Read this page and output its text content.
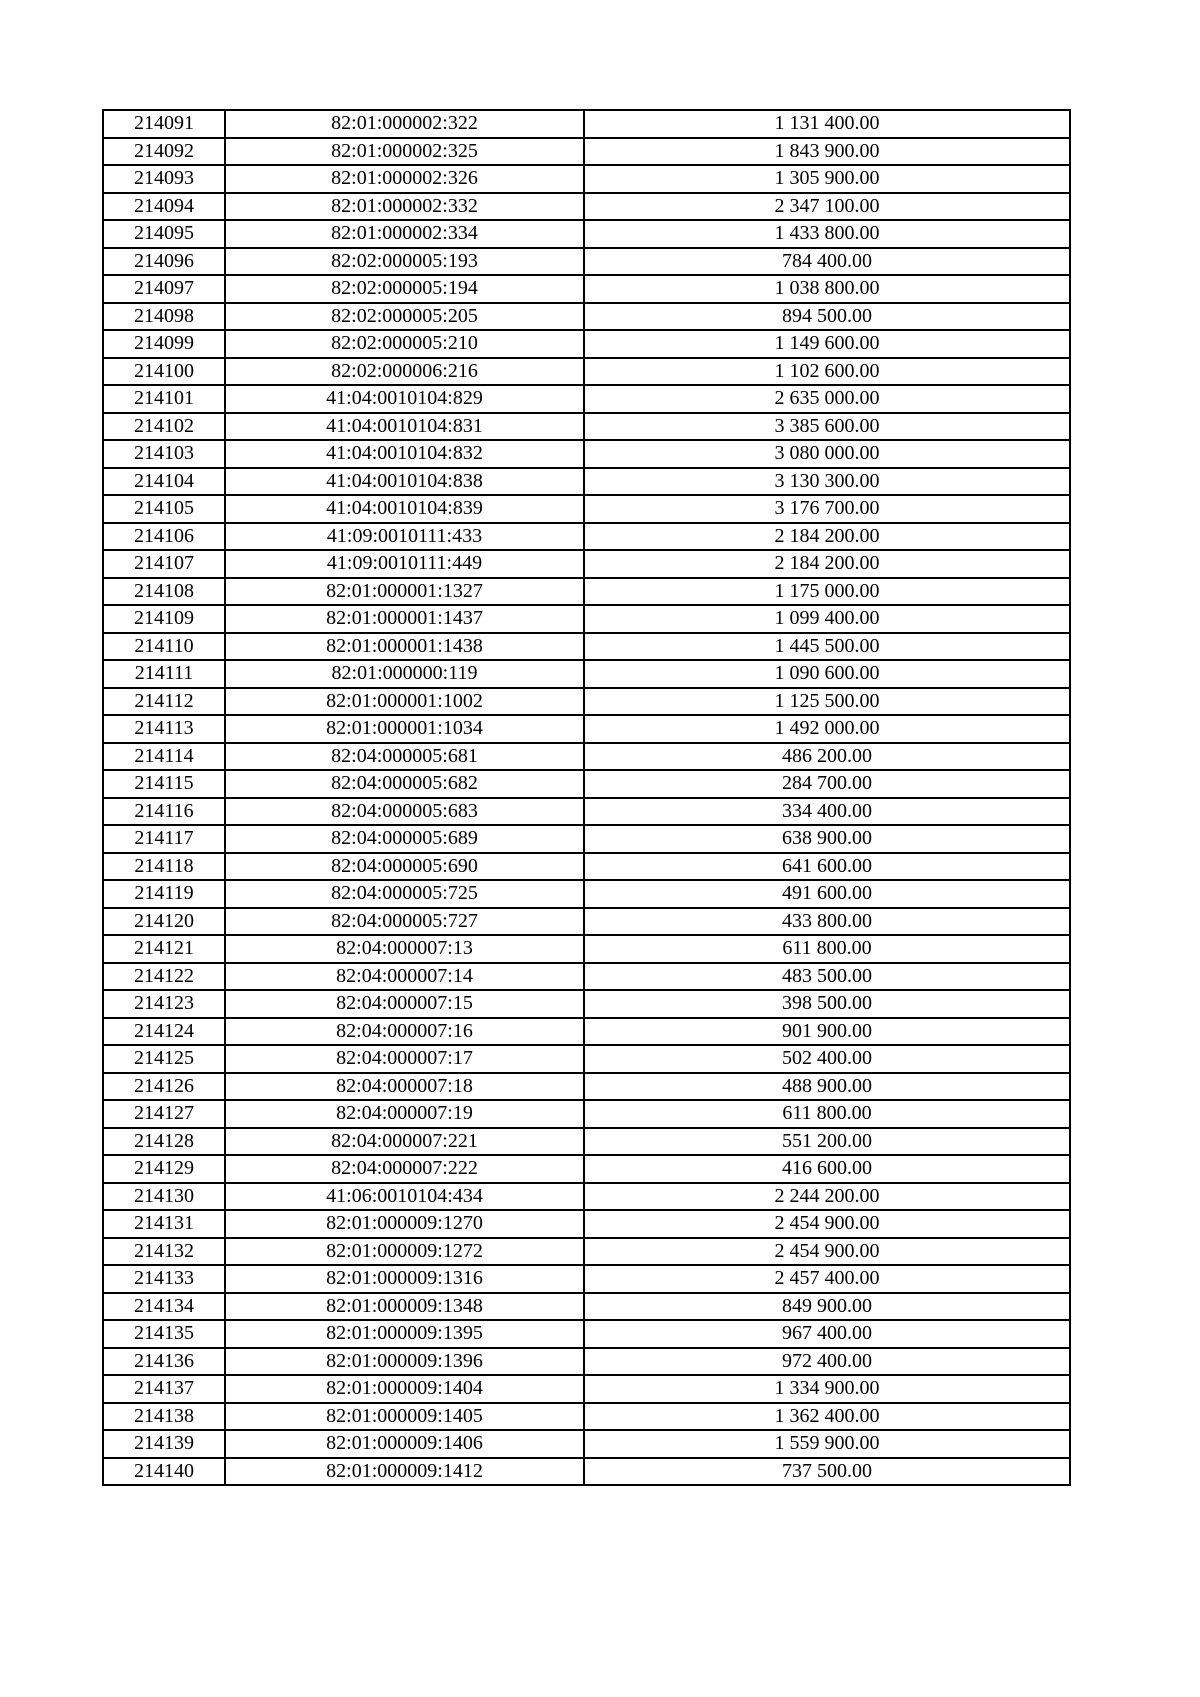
214091	82:01:000002:322	1 131 400.00
214092	82:01:000002:325	1 843 900.00
214093	82:01:000002:326	1 305 900.00
214094	82:01:000002:332	2 347 100.00
214095	82:01:000002:334	1 433 800.00
214096	82:02:000005:193	784 400.00
214097	82:02:000005:194	1 038 800.00
214098	82:02:000005:205	894 500.00
214099	82:02:000005:210	1 149 600.00
214100	82:02:000006:216	1 102 600.00
214101	41:04:0010104:829	2 635 000.00
214102	41:04:0010104:831	3 385 600.00
214103	41:04:0010104:832	3 080 000.00
214104	41:04:0010104:838	3 130 300.00
214105	41:04:0010104:839	3 176 700.00
214106	41:09:0010111:433	2 184 200.00
214107	41:09:0010111:449	2 184 200.00
214108	82:01:000001:1327	1 175 000.00
214109	82:01:000001:1437	1 099 400.00
214110	82:01:000001:1438	1 445 500.00
214111	82:01:000000:119	1 090 600.00
214112	82:01:000001:1002	1 125 500.00
214113	82:01:000001:1034	1 492 000.00
214114	82:04:000005:681	486 200.00
214115	82:04:000005:682	284 700.00
214116	82:04:000005:683	334 400.00
214117	82:04:000005:689	638 900.00
214118	82:04:000005:690	641 600.00
214119	82:04:000005:725	491 600.00
214120	82:04:000005:727	433 800.00
214121	82:04:000007:13	611 800.00
214122	82:04:000007:14	483 500.00
214123	82:04:000007:15	398 500.00
214124	82:04:000007:16	901 900.00
214125	82:04:000007:17	502 400.00
214126	82:04:000007:18	488 900.00
214127	82:04:000007:19	611 800.00
214128	82:04:000007:221	551 200.00
214129	82:04:000007:222	416 600.00
214130	41:06:0010104:434	2 244 200.00
214131	82:01:000009:1270	2 454 900.00
214132	82:01:000009:1272	2 454 900.00
214133	82:01:000009:1316	2 457 400.00
214134	82:01:000009:1348	849 900.00
214135	82:01:000009:1395	967 400.00
214136	82:01:000009:1396	972 400.00
214137	82:01:000009:1404	1 334 900.00
214138	82:01:000009:1405	1 362 400.00
214139	82:01:000009:1406	1 559 900.00
214140	82:01:000009:1412	737 500.00
